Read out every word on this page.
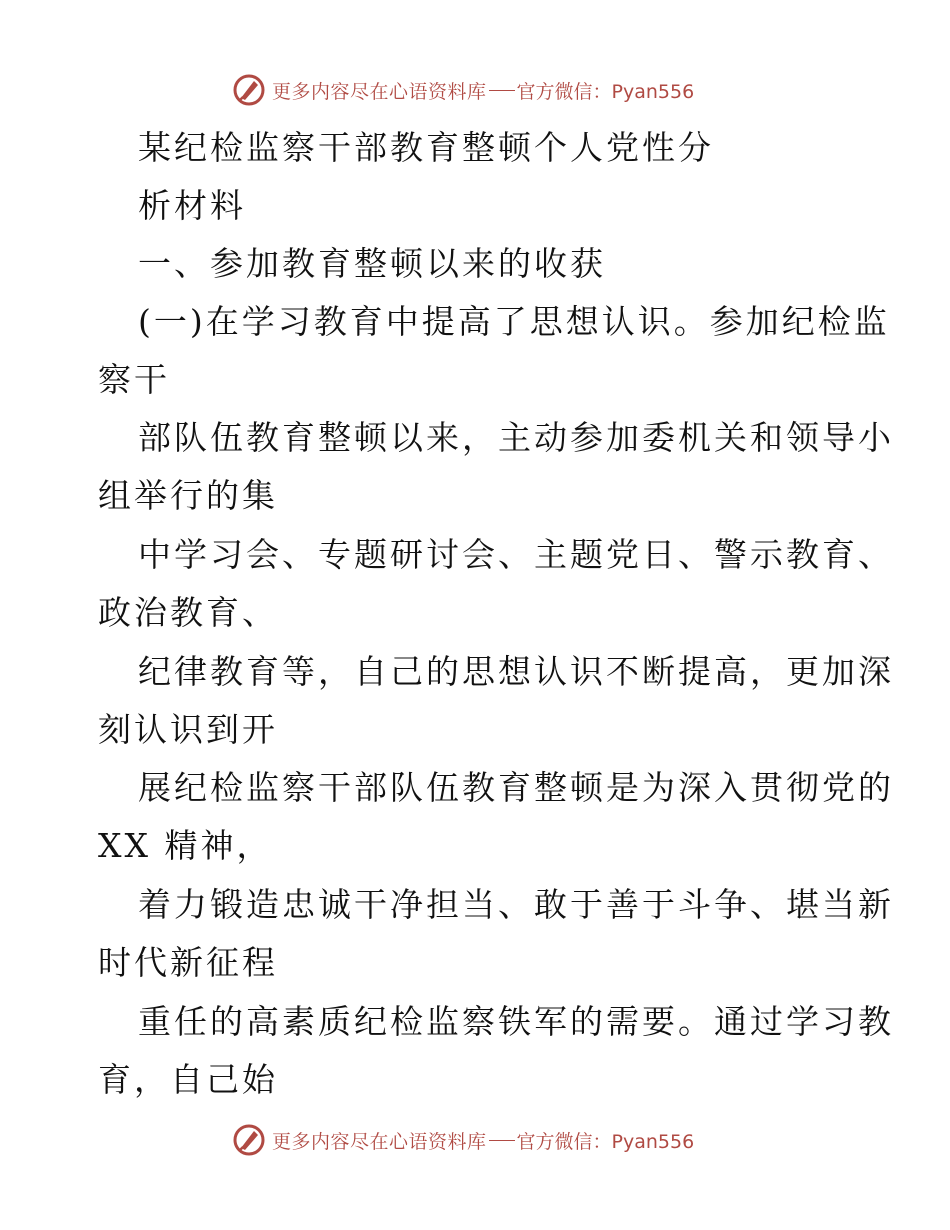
更多内容尽在心语资料库 官方微信：Pyan556
某纪检监察干部教育整顿个人党性分
析材料
一、参加教育整顿以来的收获
(一)在学习教育中提高了思想认识。参加纪检监
察干
部队伍教育整顿以来，主动参加委机关和领导小
组举行的集
中学习会、专题研讨会、主题党日、警示教育、
政治教育、
纪律教育等，自己的思想认识不断提高，更加深
刻认识到开
展纪检监察干部队伍教育整顿是为深入贯彻党的
XX 精神，
着力锻造忠诚干净担当、敢于善于斗争、堪当新
时代新征程
重任的高素质纪检监察铁军的需要。通过学习教
育，自己始
更多内容尽在心语资料库 官方微信：Pyan556
